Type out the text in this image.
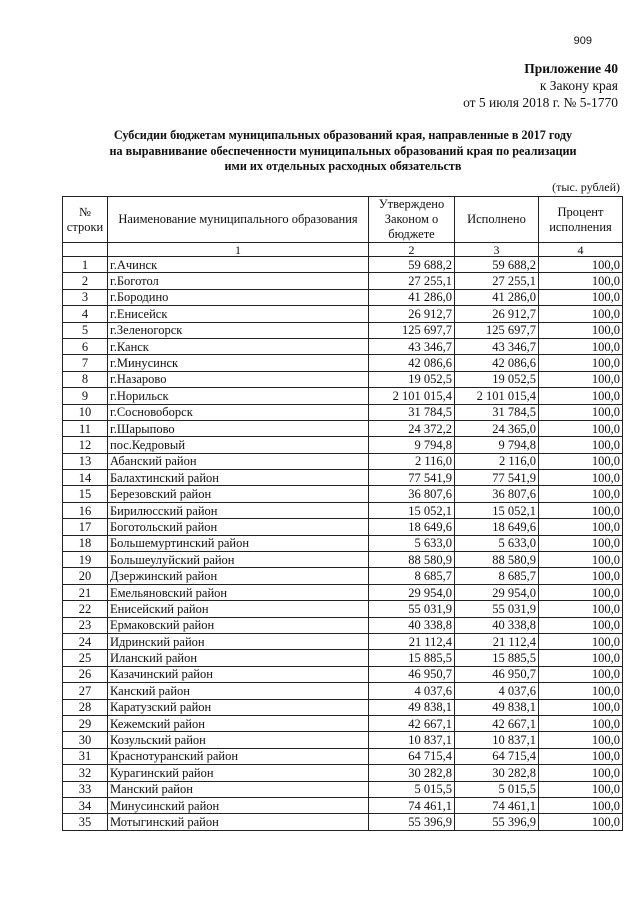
909
Приложение 40
к Закону края
от 5 июля 2018 г. № 5-1770
Субсидии бюджетам муниципальных образований края, направленные в 2017 году
на выравнивание обеспеченности муниципальных образований края по реализации
ими их отдельных расходных обязательств
(тыс. рублей)
№ строки	Наименование муниципального образования	Утверждено Законом о бюджете	Исполнено	Процент исполнения
	1	2	3	4
1	г.Ачинск	59 688,2	59 688,2	100,0
2	г.Боготол	27 255,1	27 255,1	100,0
3	г.Бородино	41 286,0	41 286,0	100,0
4	г.Енисейск	26 912,7	26 912,7	100,0
5	г.Зеленогорск	125 697,7	125 697,7	100,0
6	г.Канск	43 346,7	43 346,7	100,0
7	г.Минусинск	42 086,6	42 086,6	100,0
8	г.Назарово	19 052,5	19 052,5	100,0
9	г.Норильск	2 101 015,4	2 101 015,4	100,0
10	г.Сосновоборск	31 784,5	31 784,5	100,0
11	г.Шарыпово	24 372,2	24 365,0	100,0
12	пос.Кедровый	9 794,8	9 794,8	100,0
13	Абанский район	2 116,0	2 116,0	100,0
14	Балахтинский район	77 541,9	77 541,9	100,0
15	Березовский район	36 807,6	36 807,6	100,0
16	Бирилюсский район	15 052,1	15 052,1	100,0
17	Боготольский район	18 649,6	18 649,6	100,0
18	Большемуртинский район	5 633,0	5 633,0	100,0
19	Большеулуйский район	88 580,9	88 580,9	100,0
20	Дзержинский район	8 685,7	8 685,7	100,0
21	Емельяновский район	29 954,0	29 954,0	100,0
22	Енисейский район	55 031,9	55 031,9	100,0
23	Ермаковский район	40 338,8	40 338,8	100,0
24	Идринский район	21 112,4	21 112,4	100,0
25	Иланский район	15 885,5	15 885,5	100,0
26	Казачинский район	46 950,7	46 950,7	100,0
27	Канский район	4 037,6	4 037,6	100,0
28	Каратузский район	49 838,1	49 838,1	100,0
29	Кежемский район	42 667,1	42 667,1	100,0
30	Козульский район	10 837,1	10 837,1	100,0
31	Краснотуранский район	64 715,4	64 715,4	100,0
32	Курагинский район	30 282,8	30 282,8	100,0
33	Манский район	5 015,5	5 015,5	100,0
34	Минусинский район	74 461,1	74 461,1	100,0
35	Мотыгинский район	55 396,9	55 396,9	100,0
